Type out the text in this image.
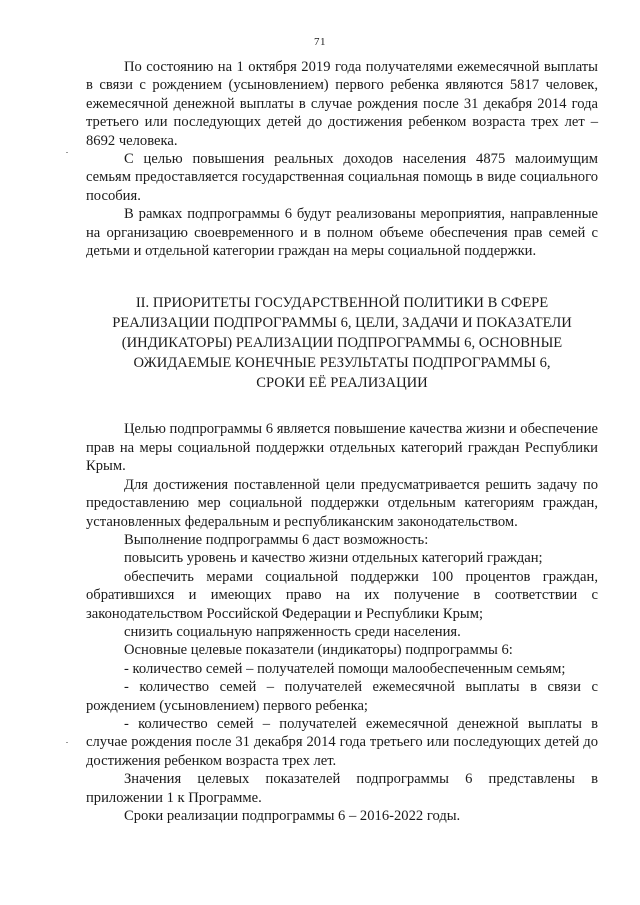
71

По состоянию на 1 октября 2019 года получателями ежемесячной выплаты в связи с рождением (усыновлением) первого ребенка являются 5817 человек, ежемесячной денежной выплаты в случае рождения после 31 декабря 2014 года третьего или последующих детей до достижения ребенком возраста трех лет – 8692 человека.

С целью повышения реальных доходов населения 4875 малоимущим семьям предоставляется государственная социальная помощь в виде социального пособия.

В рамках подпрограммы 6 будут реализованы мероприятия, направленные на организацию своевременного и в полном объеме обеспечения прав семей с детьми и отдельной категории граждан на меры социальной поддержки.

II. ПРИОРИТЕТЫ ГОСУДАРСТВЕННОЙ ПОЛИТИКИ В СФЕРЕ
РЕАЛИЗАЦИИ ПОДПРОГРАММЫ 6, ЦЕЛИ, ЗАДАЧИ И ПОКАЗАТЕЛИ
(ИНДИКАТОРЫ) РЕАЛИЗАЦИИ ПОДПРОГРАММЫ 6, ОСНОВНЫЕ
ОЖИДАЕМЫЕ КОНЕЧНЫЕ РЕЗУЛЬТАТЫ ПОДПРОГРАММЫ 6,
СРОКИ ЕЁ РЕАЛИЗАЦИИ

Целью подпрограммы 6 является повышение качества жизни и обеспечение прав на меры социальной поддержки отдельных категорий граждан Республики Крым.

Для достижения поставленной цели предусматривается решить задачу по предоставлению мер социальной поддержки отдельным категориям граждан, установленных федеральным и республиканским законодательством.

Выполнение подпрограммы 6 даст возможность:

повысить уровень и качество жизни отдельных категорий граждан;

обеспечить мерами социальной поддержки 100 процентов граждан, обратившихся и имеющих право на их получение в соответствии с законодательством Российской Федерации и Республики Крым;

снизить социальную напряженность среди населения.

Основные целевые показатели (индикаторы) подпрограммы 6:

- количество семей – получателей помощи малообеспеченным семьям;

- количество семей – получателей ежемесячной выплаты в связи с рождением (усыновлением) первого ребенка;

- количество семей – получателей ежемесячной денежной выплаты в случае рождения после 31 декабря 2014 года третьего или последующих детей до достижения ребенком возраста трех лет.

Значения целевых показателей подпрограммы 6 представлены в приложении 1 к Программе.

Сроки реализации подпрограммы 6 – 2016-2022 годы.
